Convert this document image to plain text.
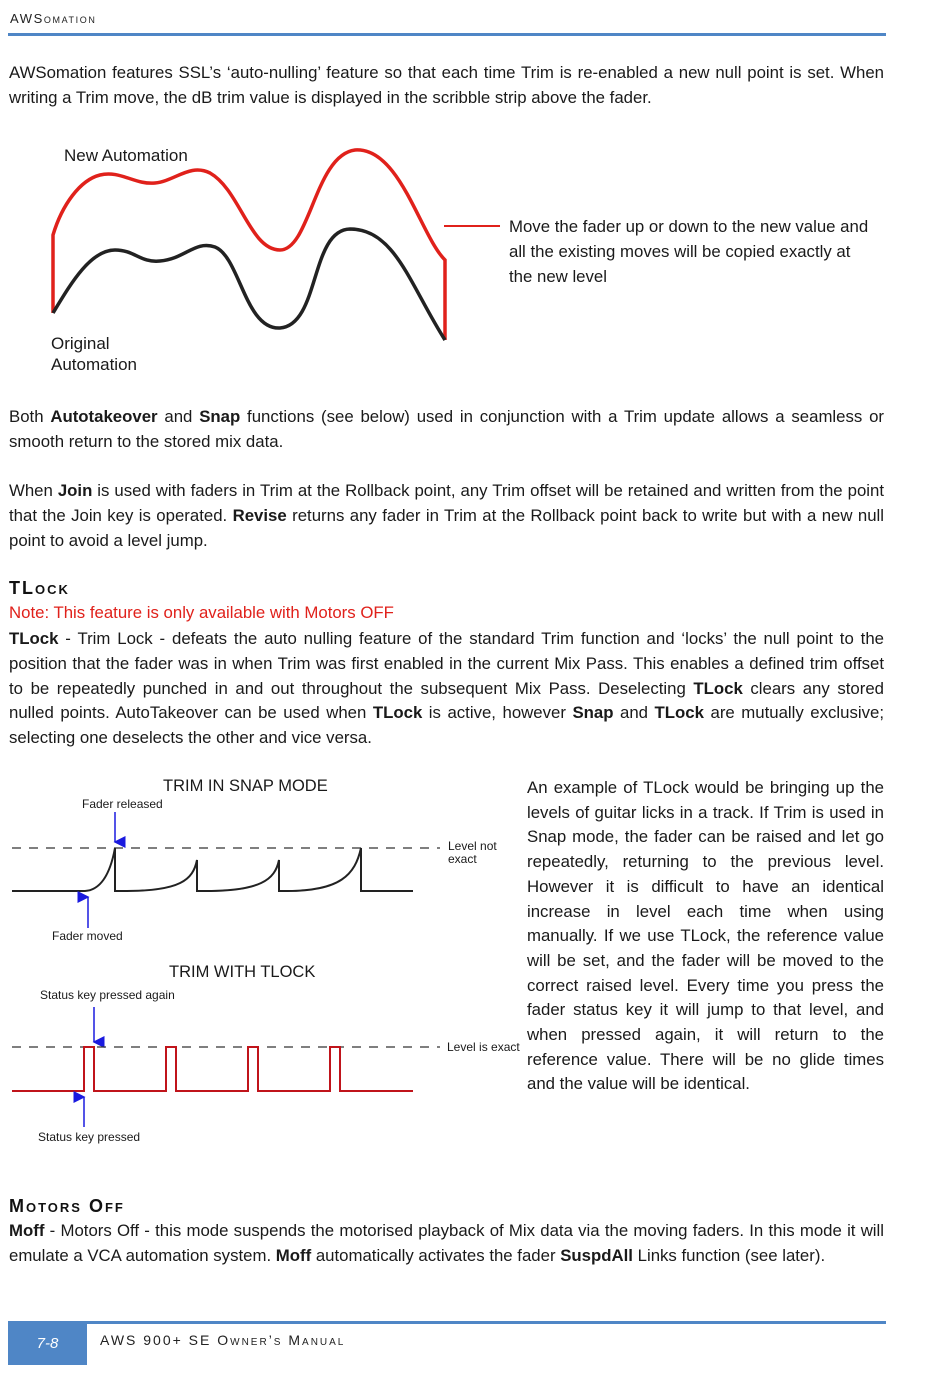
AWSomation

AWSomation features SSL’s ‘auto-nulling’ feature so that each time Trim is re-enabled a new null point is set. When writing a Trim move, the dB trim value is displayed in the scribble strip above the fader.

New Automation
Move the fader up or down to the new value and
all the existing moves will be copied exactly at
the new level
Original
Automation

Both Autotakeover and Snap functions (see below) used in conjunction with a Trim update allows a seamless or smooth return to the stored mix data.

When Join is used with faders in Trim at the Rollback point, any Trim offset will be retained and written from the point that the Join key is operated. Revise returns any fader in Trim at the Rollback point back to write but with a new null point to avoid a level jump.

TLock

Note: This feature is only available with Motors OFF

TLock - Trim Lock - defeats the auto nulling feature of the standard Trim function and ‘locks’ the null point to the position that the fader was in when Trim was first enabled in the current Mix Pass. This enables a defined trim offset to be repeatedly punched in and out throughout the subsequent Mix Pass. Deselecting TLock clears any stored nulled points. AutoTakeover can be used when TLock is active, however Snap and TLock are mutually exclusive; selecting one deselects the other and vice versa.

TRIM IN SNAP MODE
Fader released
Level not
exact
Fader moved
TRIM WITH TLOCK
Status key pressed again
Level is exact
Status key pressed

An example of TLock would be bringing up the levels of guitar licks in a track. If Trim is used in Snap mode, the fader can be raised and let go repeatedly, returning to the previous level. However it is difficult to have an identical increase in level each time when using manually. If we use TLock, the reference value will be set, and the fader will be moved to the correct raised level. Every time you press the fader status key it will jump to that level, and when pressed again, it will return to the reference value. There will be no glide times and the value will be identical.

Motors Off

Moff - Motors Off - this mode suspends the motorised playback of Mix data via the moving faders. In this mode it will emulate a VCA automation system. Moff automatically activates the fader SuspdAll Links function (see later).

7-8	AWS 900+ SE Owner’s Manual
